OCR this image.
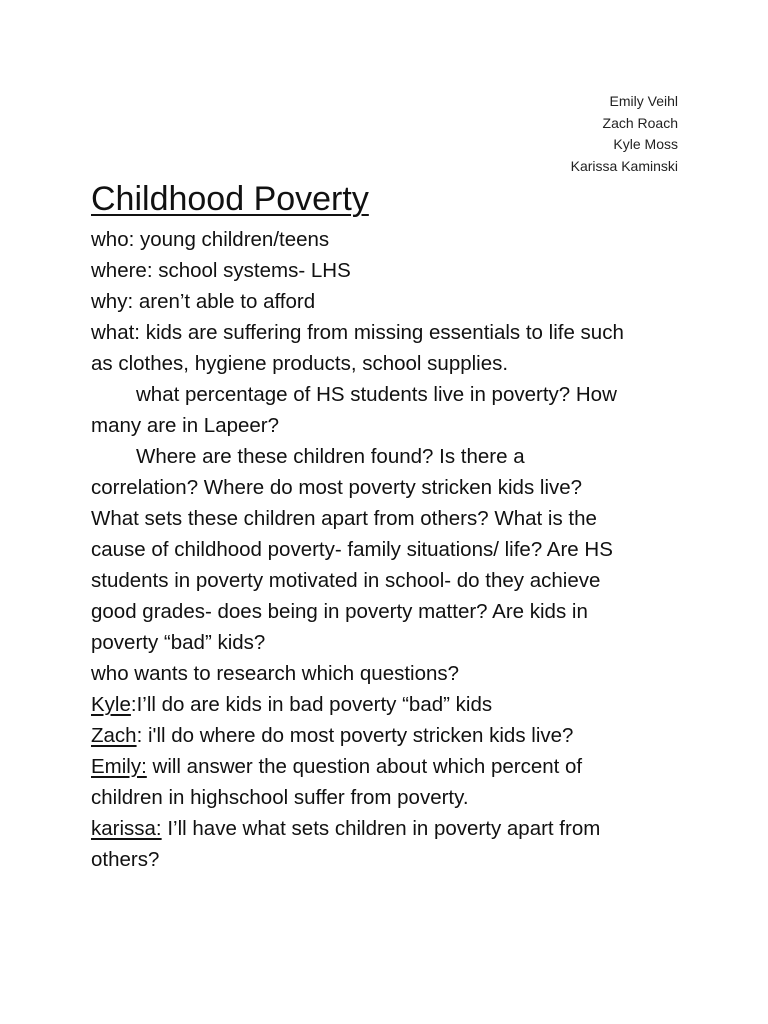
Emily Veihl
Zach Roach
Kyle Moss
Karissa Kaminski
Childhood Poverty
who: young children/teens
where: school systems- LHS
why: aren’t able to afford
what: kids are suffering from missing essentials to life such
as clothes, hygiene products, school supplies.
what percentage of HS students live in poverty? How
many are in Lapeer?
Where are these children found? Is there a
correlation? Where do most poverty stricken kids live?
What sets these children apart from others? What is the
cause of childhood poverty- family situations/ life? Are HS
students in poverty motivated in school- do they achieve
good grades- does being in poverty matter? Are kids in
poverty “bad” kids?
who wants to research which questions?
Kyle:I’ll do are kids in bad poverty “bad” kids
Zach: i'll do where do most poverty stricken kids live?
Emily: will answer the question about which percent of
children in highschool suffer from poverty.
karissa: I’ll have what sets children in poverty apart from
others?
